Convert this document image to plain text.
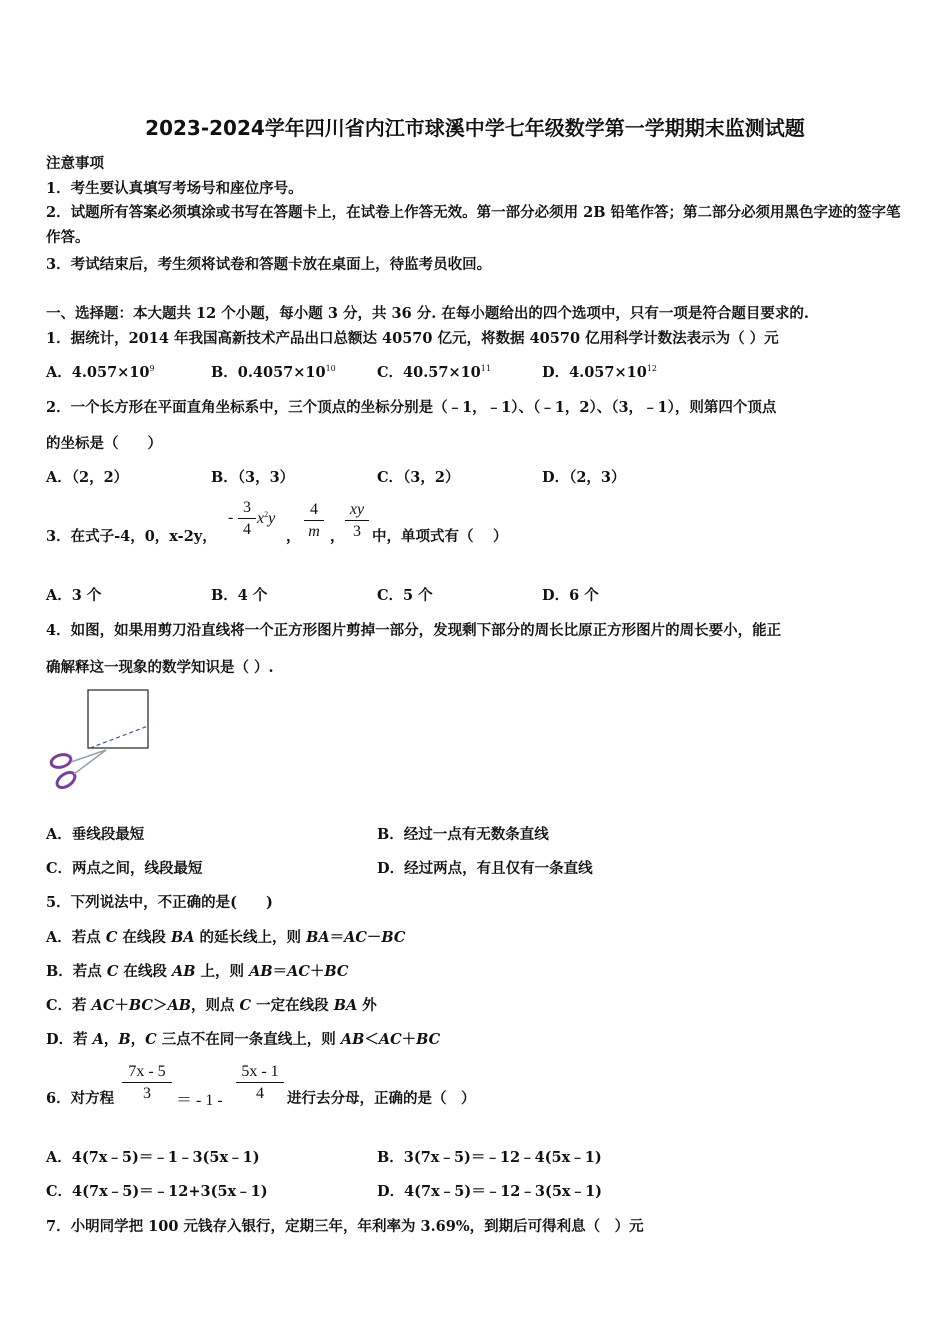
2023-2024学年四川省内江市球溪中学七年级数学第一学期期末监测试题
注意事项
1．考生要认真填写考场号和座位序号。
2．试题所有答案必须填涂或书写在答题卡上，在试卷上作答无效。第一部分必须用 2B 铅笔作答；第二部分必须用黑色字迹的签字笔作答。
3．考试结束后，考生须将试卷和答题卡放在桌面上，待监考员收回。
一、选择题：本大题共 12 个小题，每小题 3 分，共 36 分. 在每小题给出的四个选项中，只有一项是符合题目要求的.
1．据统计，2014 年我国高新技术产品出口总额达 40570 亿元，将数据 40570 亿用科学计数法表示为（ ）元
A．$4.057\times 10^9$	B．$0.4057\times 10^{10}$	C．$40.57\times 10^{11}$	D．$4.057\times 10^{12}$
2．一个长方形在平面直角坐标系中，三个顶点的坐标分别是（﹣1，﹣1）、（﹣1，2）、（3，﹣1），则第四个顶点
的坐标是（　　）
A．（2，2）	B．（3，3）	C．（3，2）	D．（2，3）
3．在式子-4，0，x-2y，
-
3
4
$x^2y$
，
4
m ，
xy
3 中，单项式有（　 ）
A．3 个	B．4 个	C．5 个	D．6 个
4．如图，如果用剪刀沿直线将一个正方形图片剪掉一部分，发现剩下部分的周长比原正方形图片的周长要小，能正
确解释这一现象的数学知识是（ ）.
A．垂线段最短	B．经过一点有无数条直线
C．两点之间，线段最短	D．经过两点，有且仅有一条直线
5．下列说法中，不正确的是(　　)
A．若点 C 在线段 BA 的延长线上，则 BA＝AC－BC
B．若点 C 在线段 AB 上，则 AB＝AC＋BC
C．若 AC＋BC＞AB，则点 C 一定在线段 BA 外
D．若 A，B，C 三点不在同一条直线上，则 AB＜AC＋BC
6．对方程
7x - 5
3	＝ - 1 -
5x - 1
4	进行去分母，正确的是（　）
A．4(7x﹣5)＝﹣1﹣3(5x﹣1)	B．3(7x﹣5)＝﹣12﹣4(5x﹣1)
C．4(7x﹣5)＝﹣12+3(5x﹣1)	D．4(7x﹣5)＝﹣12﹣3(5x﹣1)
7．小明同学把 100 元钱存入银行，定期三年，年利率为 3.69%，到期后可得利息（　）元
